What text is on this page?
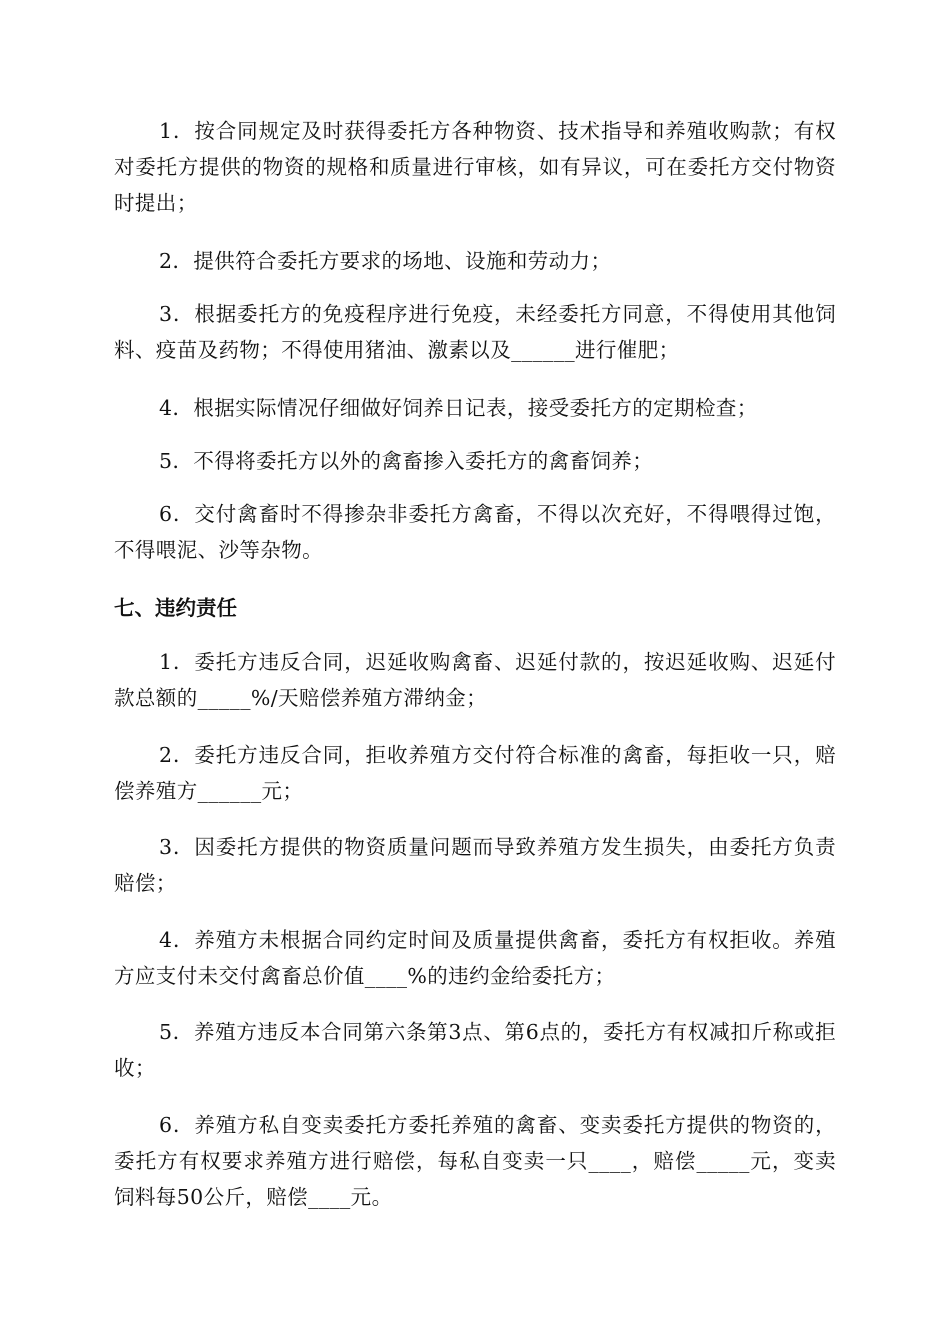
1．按合同规定及时获得委托方各种物资、技术指导和养殖收购款；有权对委托方提供的物资的规格和质量进行审核，如有异议，可在委托方交付物资时提出；

2．提供符合委托方要求的场地、设施和劳动力；

3．根据委托方的免疫程序进行免疫，未经委托方同意，不得使用其他饲料、疫苗及药物；不得使用猪油、激素以及______进行催肥；

4．根据实际情况仔细做好饲养日记表，接受委托方的定期检查；

5．不得将委托方以外的禽畜掺入委托方的禽畜饲养；

6．交付禽畜时不得掺杂非委托方禽畜，不得以次充好，不得喂得过饱，不得喂泥、沙等杂物。

七、违约责任

1．委托方违反合同，迟延收购禽畜、迟延付款的，按迟延收购、迟延付款总额的_____%/天赔偿养殖方滞纳金；

2．委托方违反合同，拒收养殖方交付符合标准的禽畜，每拒收一只，赔偿养殖方______元；

3．因委托方提供的物资质量问题而导致养殖方发生损失，由委托方负责赔偿；

4．养殖方未根据合同约定时间及质量提供禽畜，委托方有权拒收。养殖方应支付未交付禽畜总价值____%的违约金给委托方；

5．养殖方违反本合同第六条第3点、第6点的，委托方有权减扣斤称或拒收；

6．养殖方私自变卖委托方委托养殖的禽畜、变卖委托方提供的物资的，委托方有权要求养殖方进行赔偿，每私自变卖一只____，赔偿_____元，变卖饲料每50公斤，赔偿____元。
